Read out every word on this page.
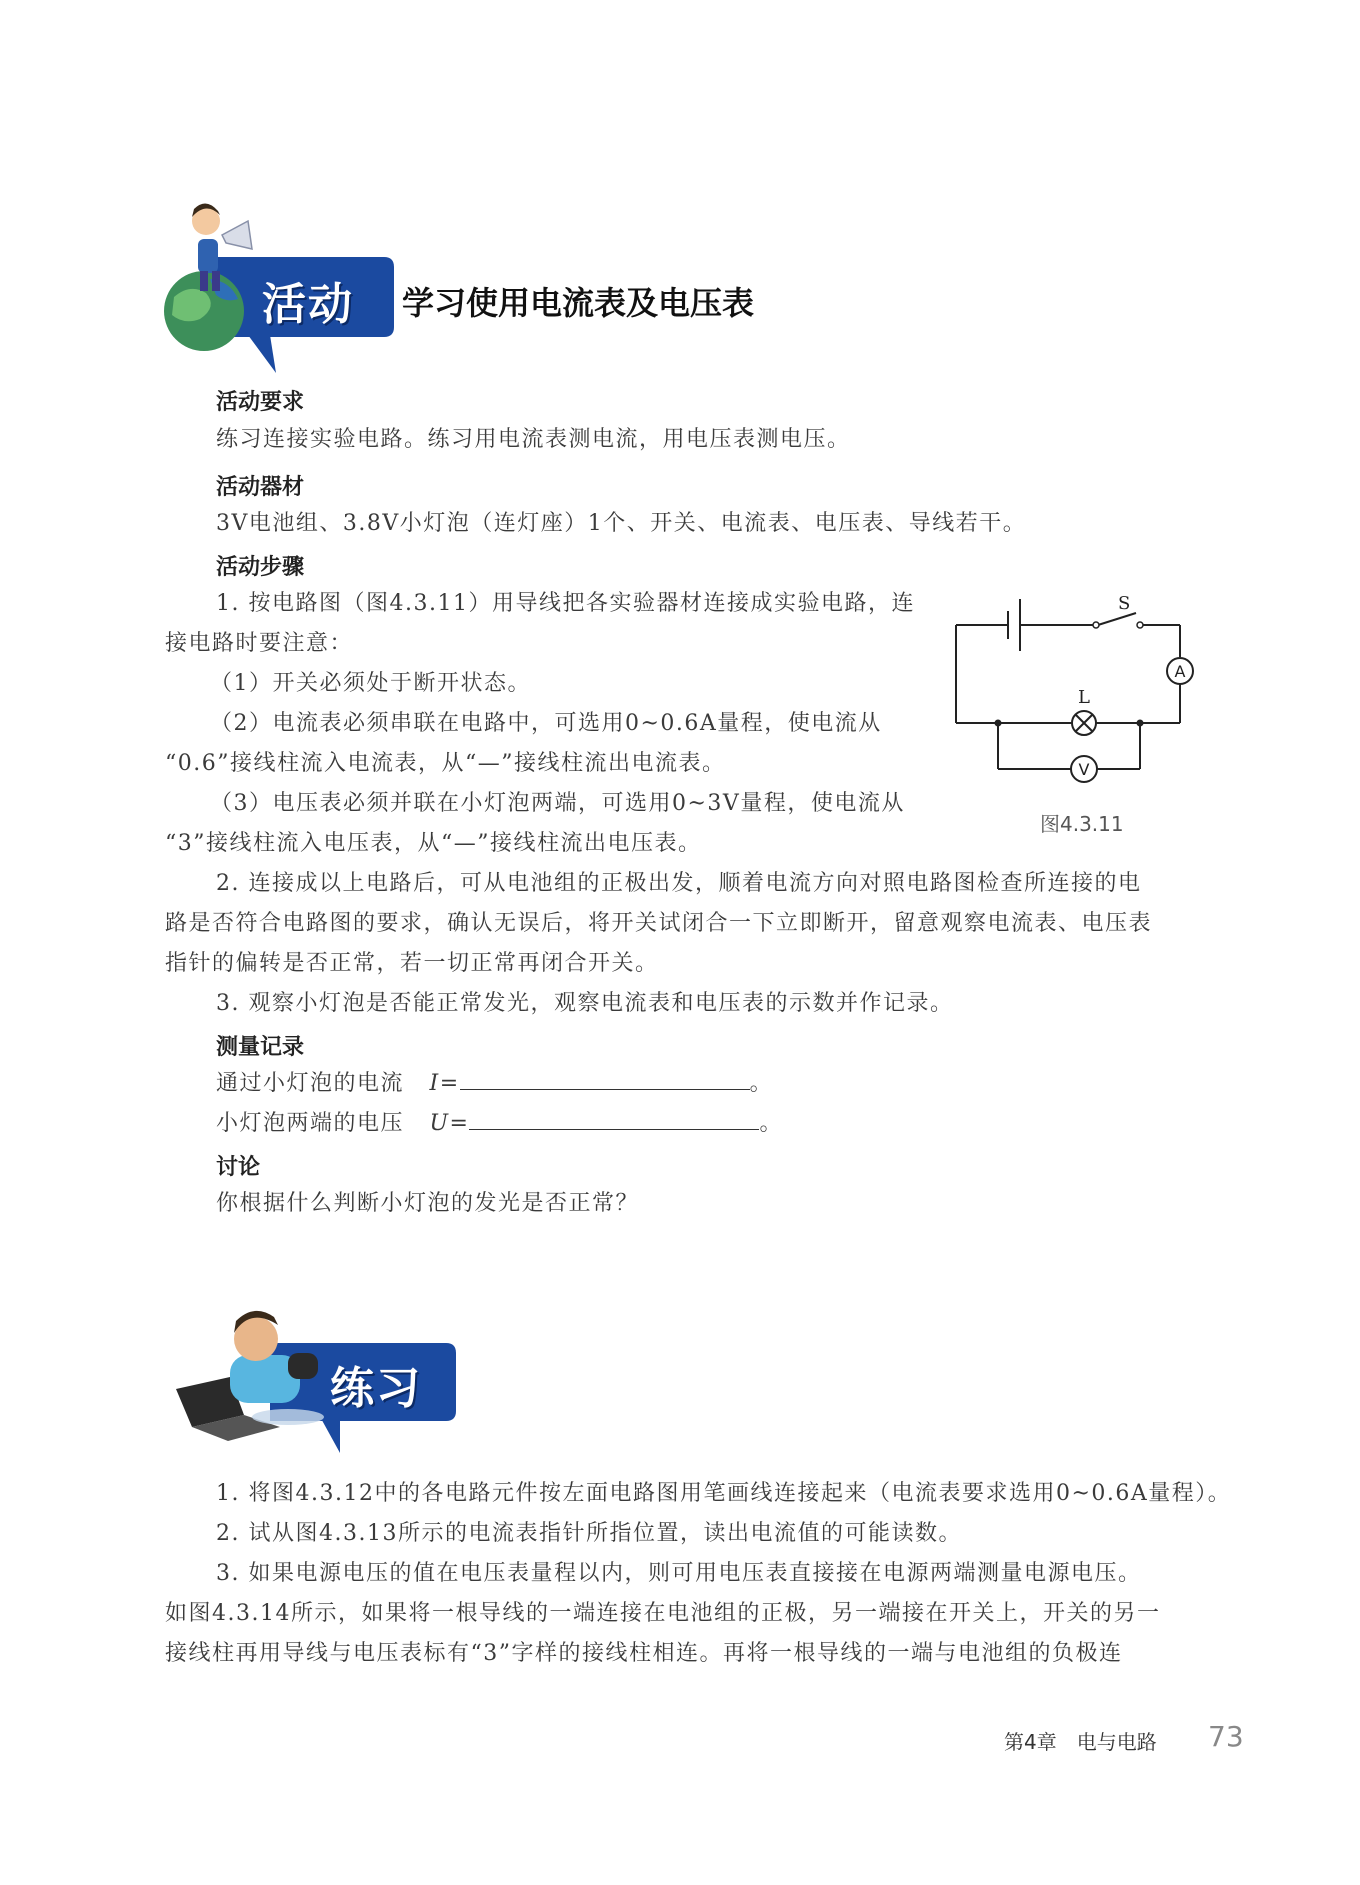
活动 学习使用电流表及电压表
活动要求
练习连接实验电路。练习用电流表测电流，用电压表测电压。
活动器材
3V电池组、3.8V小灯泡（连灯座）1个、开关、电流表、电压表、导线若干。
活动步骤
1. 按电路图（图4.3.11）用导线把各实验器材连接成实验电路，连
接电路时要注意：
（1）开关必须处于断开状态。
（2）电流表必须串联在电路中，可选用0~0.6A量程，使电流从
“0.6”接线柱流入电流表，从“—”接线柱流出电流表。
（3）电压表必须并联在小灯泡两端，可选用0~3V量程，使电流从
“3”接线柱流入电压表，从“—”接线柱流出电压表。
2. 连接成以上电路后，可从电池组的正极出发，顺着电流方向对照电路图检查所连接的电
路是否符合电路图的要求，确认无误后，将开关试闭合一下立即断开，留意观察电流表、电压表
指针的偏转是否正常，若一切正常再闭合开关。
3. 观察小灯泡是否能正常发光，观察电流表和电压表的示数并作记录。
测量记录
通过小灯泡的电流 I=	。
小灯泡两端的电压 U=	。
讨论
你根据什么判断小灯泡的发光是否正常？
S
L
A
V
图4.3.11
练习
1. 将图4.3.12中的各电路元件按左面电路图用笔画线连接起来（电流表要求选用0~0.6A量程）。
2. 试从图4.3.13所示的电流表指针所指位置，读出电流值的可能读数。
3. 如果电源电压的值在电压表量程以内，则可用电压表直接接在电源两端测量电源电压。
如图4.3.14所示，如果将一根导线的一端连接在电池组的正极，另一端接在开关上，开关的另一
接线柱再用导线与电压表标有“3”字样的接线柱相连。再将一根导线的一端与电池组的负极连
第4章　电与电路 73
